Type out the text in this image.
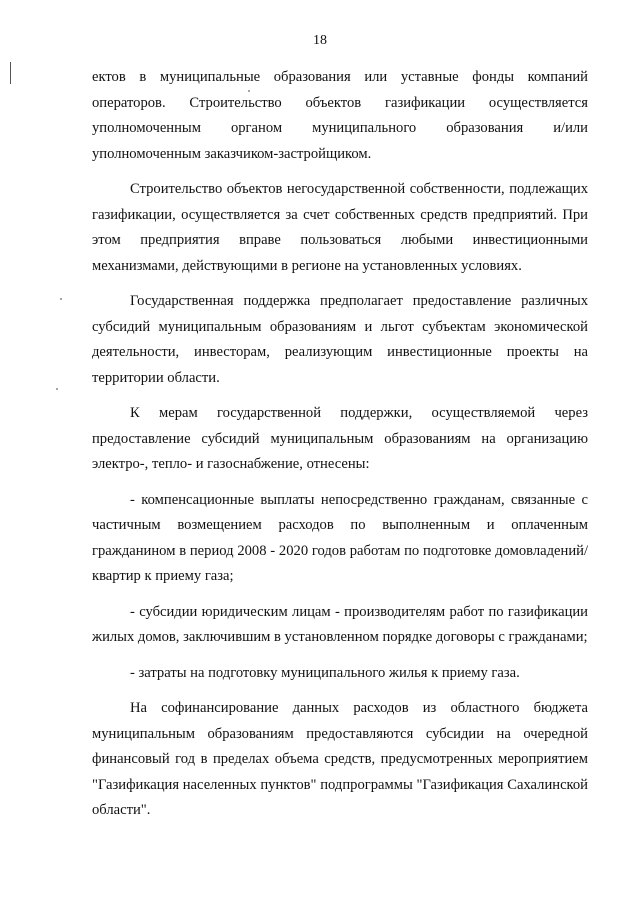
18

ектов в муниципальные образования или уставные фонды компаний операторов. Строительство объектов газификации осуществляется уполномоченным органом муниципального образования и/или уполномоченным заказчиком-застройщиком.

Строительство объектов негосударственной собственности, подлежащих газификации, осуществляется за счет собственных средств предприятий. При этом предприятия вправе пользоваться любыми инвестиционными механизмами, действующими в регионе на установленных условиях.

Государственная поддержка предполагает предоставление различных субсидий муниципальным образованиям и льгот субъектам экономической деятельности, инвесторам, реализующим инвестиционные проекты на территории области.

К мерам государственной поддержки, осуществляемой через предоставление субсидий муниципальным образованиям на организацию электро-, тепло- и газоснабжение, отнесены:

- компенсационные выплаты непосредственно гражданам, связанные с частичным возмещением расходов по выполненным и оплаченным гражданином в период 2008 - 2020 годов работам по подготовке домовладений/квартир к приему газа;

- субсидии юридическим лицам - производителям работ по газификации жилых домов, заключившим в установленном порядке договоры с гражданами;

- затраты на подготовку муниципального жилья к приему газа.

На софинансирование данных расходов из областного бюджета муниципальным образованиям предоставляются субсидии на очередной финансовый год в пределах объема средств, предусмотренных мероприятием "Газификация населенных пунктов" подпрограммы "Газификация Сахалинской области".
